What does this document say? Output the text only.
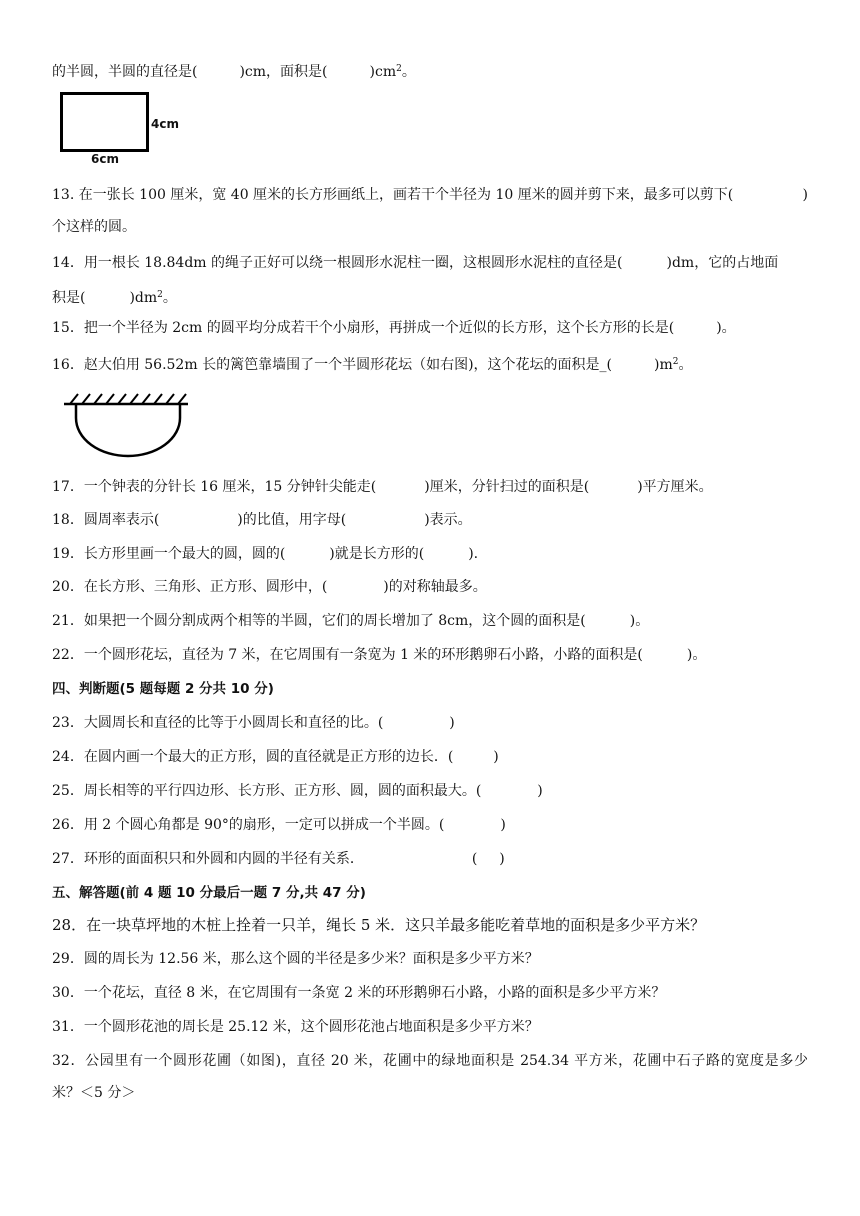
的半圆，半圆的直径是(	)cm，面积是(	)$cm^2$。
4cm
6cm
13. 在一张长 100 厘米，宽 40 厘米的长方形画纸上，画若干个半径为 10 厘米的圆并剪下来，最多可以剪下(	)
个这样的圆。
14．用一根长 18.84dm 的绳子正好可以绕一根圆形水泥柱一圈，这根圆形水泥柱的直径是(	)dm，它的占地面
积是(	)$dm^2$。
15．把一个半径为 2cm 的圆平均分成若干个小扇形，再拼成一个近似的长方形，这个长方形的长是(	)。
16．赵大伯用 56.52m 长的篱笆靠墙围了一个半圆形花坛（如右图)，这个花坛的面积是_(	)$m^2$。
17．一个钟表的分针长 16 厘米，15 分钟针尖能走(	)厘米，分针扫过的面积是(	)平方厘米。
18．圆周率表示(	)的比值，用字母(	)表示。
19．长方形里画一个最大的圆，圆的(	)就是长方形的(	).
20．在长方形、三角形、正方形、圆形中，(	)的对称轴最多。
21．如果把一个圆分割成两个相等的半圆，它们的周长增加了 8cm，这个圆的面积是(	)。
22．一个圆形花坛，直径为 7 米，在它周围有一条宽为 1 米的环形鹅卵石小路，小路的面积是(	)。
四、判断题(5 题每题 2 分共 10 分)
23．大圆周长和直径的比等于小圆周长和直径的比。(	)
24．在圆内画一个最大的正方形，圆的直径就是正方形的边长．(	)
25．周长相等的平行四边形、长方形、正方形、圆，圆的面积最大。(	)
26．用 2 个圆心角都是 90°的扇形，一定可以拼成一个半圆。(	)
27．环形的面面积只和外圆和内圆的半径有关系．	( )
五、解答题(前 4 题 10 分最后一题 7 分,共 47 分)
28．在一块草坪地的木桩上拴着一只羊，绳长 5 米．这只羊最多能吃着草地的面积是多少平方米？
29．圆的周长为 12.56 米，那么这个圆的半径是多少米？面积是多少平方米？
30．一个花坛，直径 8 米，在它周围有一条宽 2 米的环形鹅卵石小路，小路的面积是多少平方米？
31．一个圆形花池的周长是 25.12 米，这个圆形花池占地面积是多少平方米？
32．公园里有一个圆形花圃（如图)，直径 20 米，花圃中的绿地面积是 254.34 平方米，花圃中石子路的宽度是多少
米？＜5 分＞
